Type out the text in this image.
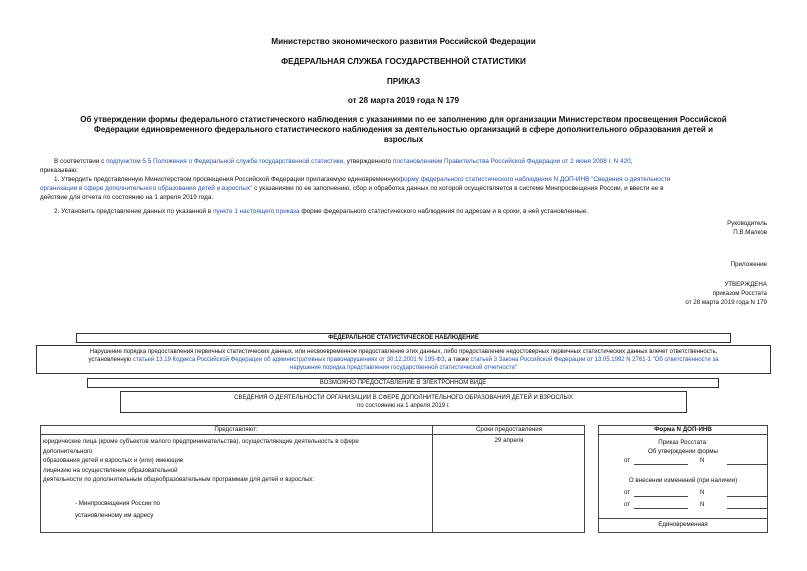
Министерство экономического развития Российской Федерации
ФЕДЕРАЛЬНАЯ СЛУЖБА ГОСУДАРСТВЕННОЙ СТАТИСТИКИ
ПРИКАЗ
от 28 марта 2019 года N 179
Об утверждении формы федерального статистического наблюдения с указаниями по ее заполнению для организации Министерством просвещения Российской
Федерации единовременного федерального статистического наблюдения за деятельностью организаций в сфере дополнительного образования детей и
взрослых
В соответствии с подпунктом 5.5 Положения о Федеральной службе государственной статистики, утвержденного постановлением Правительства Российской Федерации от 2 июня 2008 г. N 420,
приказываю:
1. Утвердить представленную Министерством просвещения Российской Федерации прилагаемую единовременнуюформу федерального статистического наблюдения N ДОП-ИНВ "Сведения о деятельности
организации в сфере дополнительного образования детей и взрослых" с указаниями по ее заполнению, сбор и обработка данных по которой осуществляется в системе Минпросвещения России, и ввести ее в
действие для отчета по состоянию на 1 апреля 2019 года.
2. Установить представление данных по указанной в пункте 1 настоящего приказа форме федерального статистического наблюдения по адресам и в сроки, в ней установленные.
Руководитель
П.В.Малков
Приложение
УТВЕРЖДЕНА
приказом Росстата
от 28 марта 2019 года N 179
ФЕДЕРАЛЬНОЕ СТАТИСТИЧЕСКОЕ НАБЛЮДЕНИЕ
Нарушение порядка предоставления первичных статистических данных, или несвоевременное предоставление этих данных, либо предоставление недостоверных первичных статистических данных влечет ответственность,
установленную статьей 13.19 Кодекса Российской Федерации об административных правонарушениях от 30.12.2001 N 195-ФЗ, а также статьей 3 Закона Российской Федерации от 13.05.1992 N 2761-1 "Об ответственности за
нарушение порядка представления государственной статистической отчетности"
ВОЗМОЖНО ПРЕДОСТАВЛЕНИЕ В ЭЛЕКТРОННОМ ВИДЕ
СВЕДЕНИЯ О ДЕЯТЕЛЬНОСТИ ОРГАНИЗАЦИИ В СФЕРЕ ДОПОЛНИТЕЛЬНОГО ОБРАЗОВАНИЯ ДЕТЕЙ И ВЗРОСЛЫХ
по состоянию на 1 апреля 2019 г.
Представляют:	Сроки предоставления
юридические лица (кроме субъектов малого предпринимательства), осуществляющие деятельность в сфере
дополнительного
образования детей и взрослых и (или) имеющие
лицензию на осуществление образовательной
деятельности по дополнительным общеобразовательным программам для детей и взрослых:
- Минпросвещения России по
установленному им адресу
29 апреля
Форма N ДОП-ИНВ
Приказ Росстата:
Об утверждении формы
от	N
О внесении изменений (при наличии)
от	N
от	N
Единовременная
